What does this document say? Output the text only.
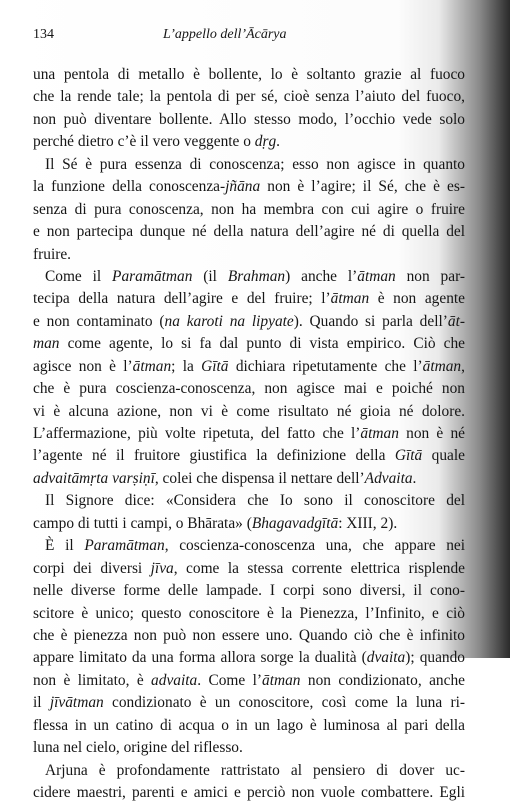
134	L’appello dell’Ācārya
una pentola di metallo è bollente, lo è soltanto grazie al fuoco
che la rende tale; la pentola di per sé, cioè senza l’aiuto del fuoco,
non può diventare bollente. Allo stesso modo, l’occhio vede solo
perché dietro c’è il vero veggente o dṛg.
Il Sé è pura essenza di conoscenza; esso non agisce in quanto
la funzione della conoscenza-jñāna non è l’agire; il Sé, che è es-
senza di pura conoscenza, non ha membra con cui agire o fruire
e non partecipa dunque né della natura dell’agire né di quella del
fruire.
Come il Paramātman (il Brahman) anche l’ātman non par-
tecipa della natura dell’agire e del fruire; l’ātman è non agente
e non contaminato (na karoti na lipyate). Quando si parla dell’āt-
man come agente, lo si fa dal punto di vista empirico. Ciò che
agisce non è l’ātman; la Gītā dichiara ripetutamente che l’ātman,
che è pura coscienza-conoscenza, non agisce mai e poiché non
vi è alcuna azione, non vi è come risultato né gioia né dolore.
L’affermazione, più volte ripetuta, del fatto che l’ātman non è né
l’agente né il fruitore giustifica la definizione della Gītā quale
advaitāmṛta varṣiṇī, colei che dispensa il nettare dell’Advaita.
Il Signore dice: «Considera che Io sono il conoscitore del
campo di tutti i campi, o Bhārata» (Bhagavadgītā: XIII, 2).
È il Paramātman, coscienza-conoscenza una, che appare nei
corpi dei diversi jīva, come la stessa corrente elettrica risplende
nelle diverse forme delle lampade. I corpi sono diversi, il cono-
scitore è unico; questo conoscitore è la Pienezza, l’Infinito, e ciò
che è pienezza non può non essere uno. Quando ciò che è infinito
appare limitato da una forma allora sorge la dualità (dvaita); quando
non è limitato, è advaita. Come l’ātman non condizionato, anche
il jīvātman condizionato è un conoscitore, così come la luna ri-
flessa in un catino di acqua o in un lago è luminosa al pari della
luna nel cielo, origine del riflesso.
Arjuna è profondamente rattristato al pensiero di dover uc-
cidere maestri, parenti e amici e perciò non vuole combattere. Egli
